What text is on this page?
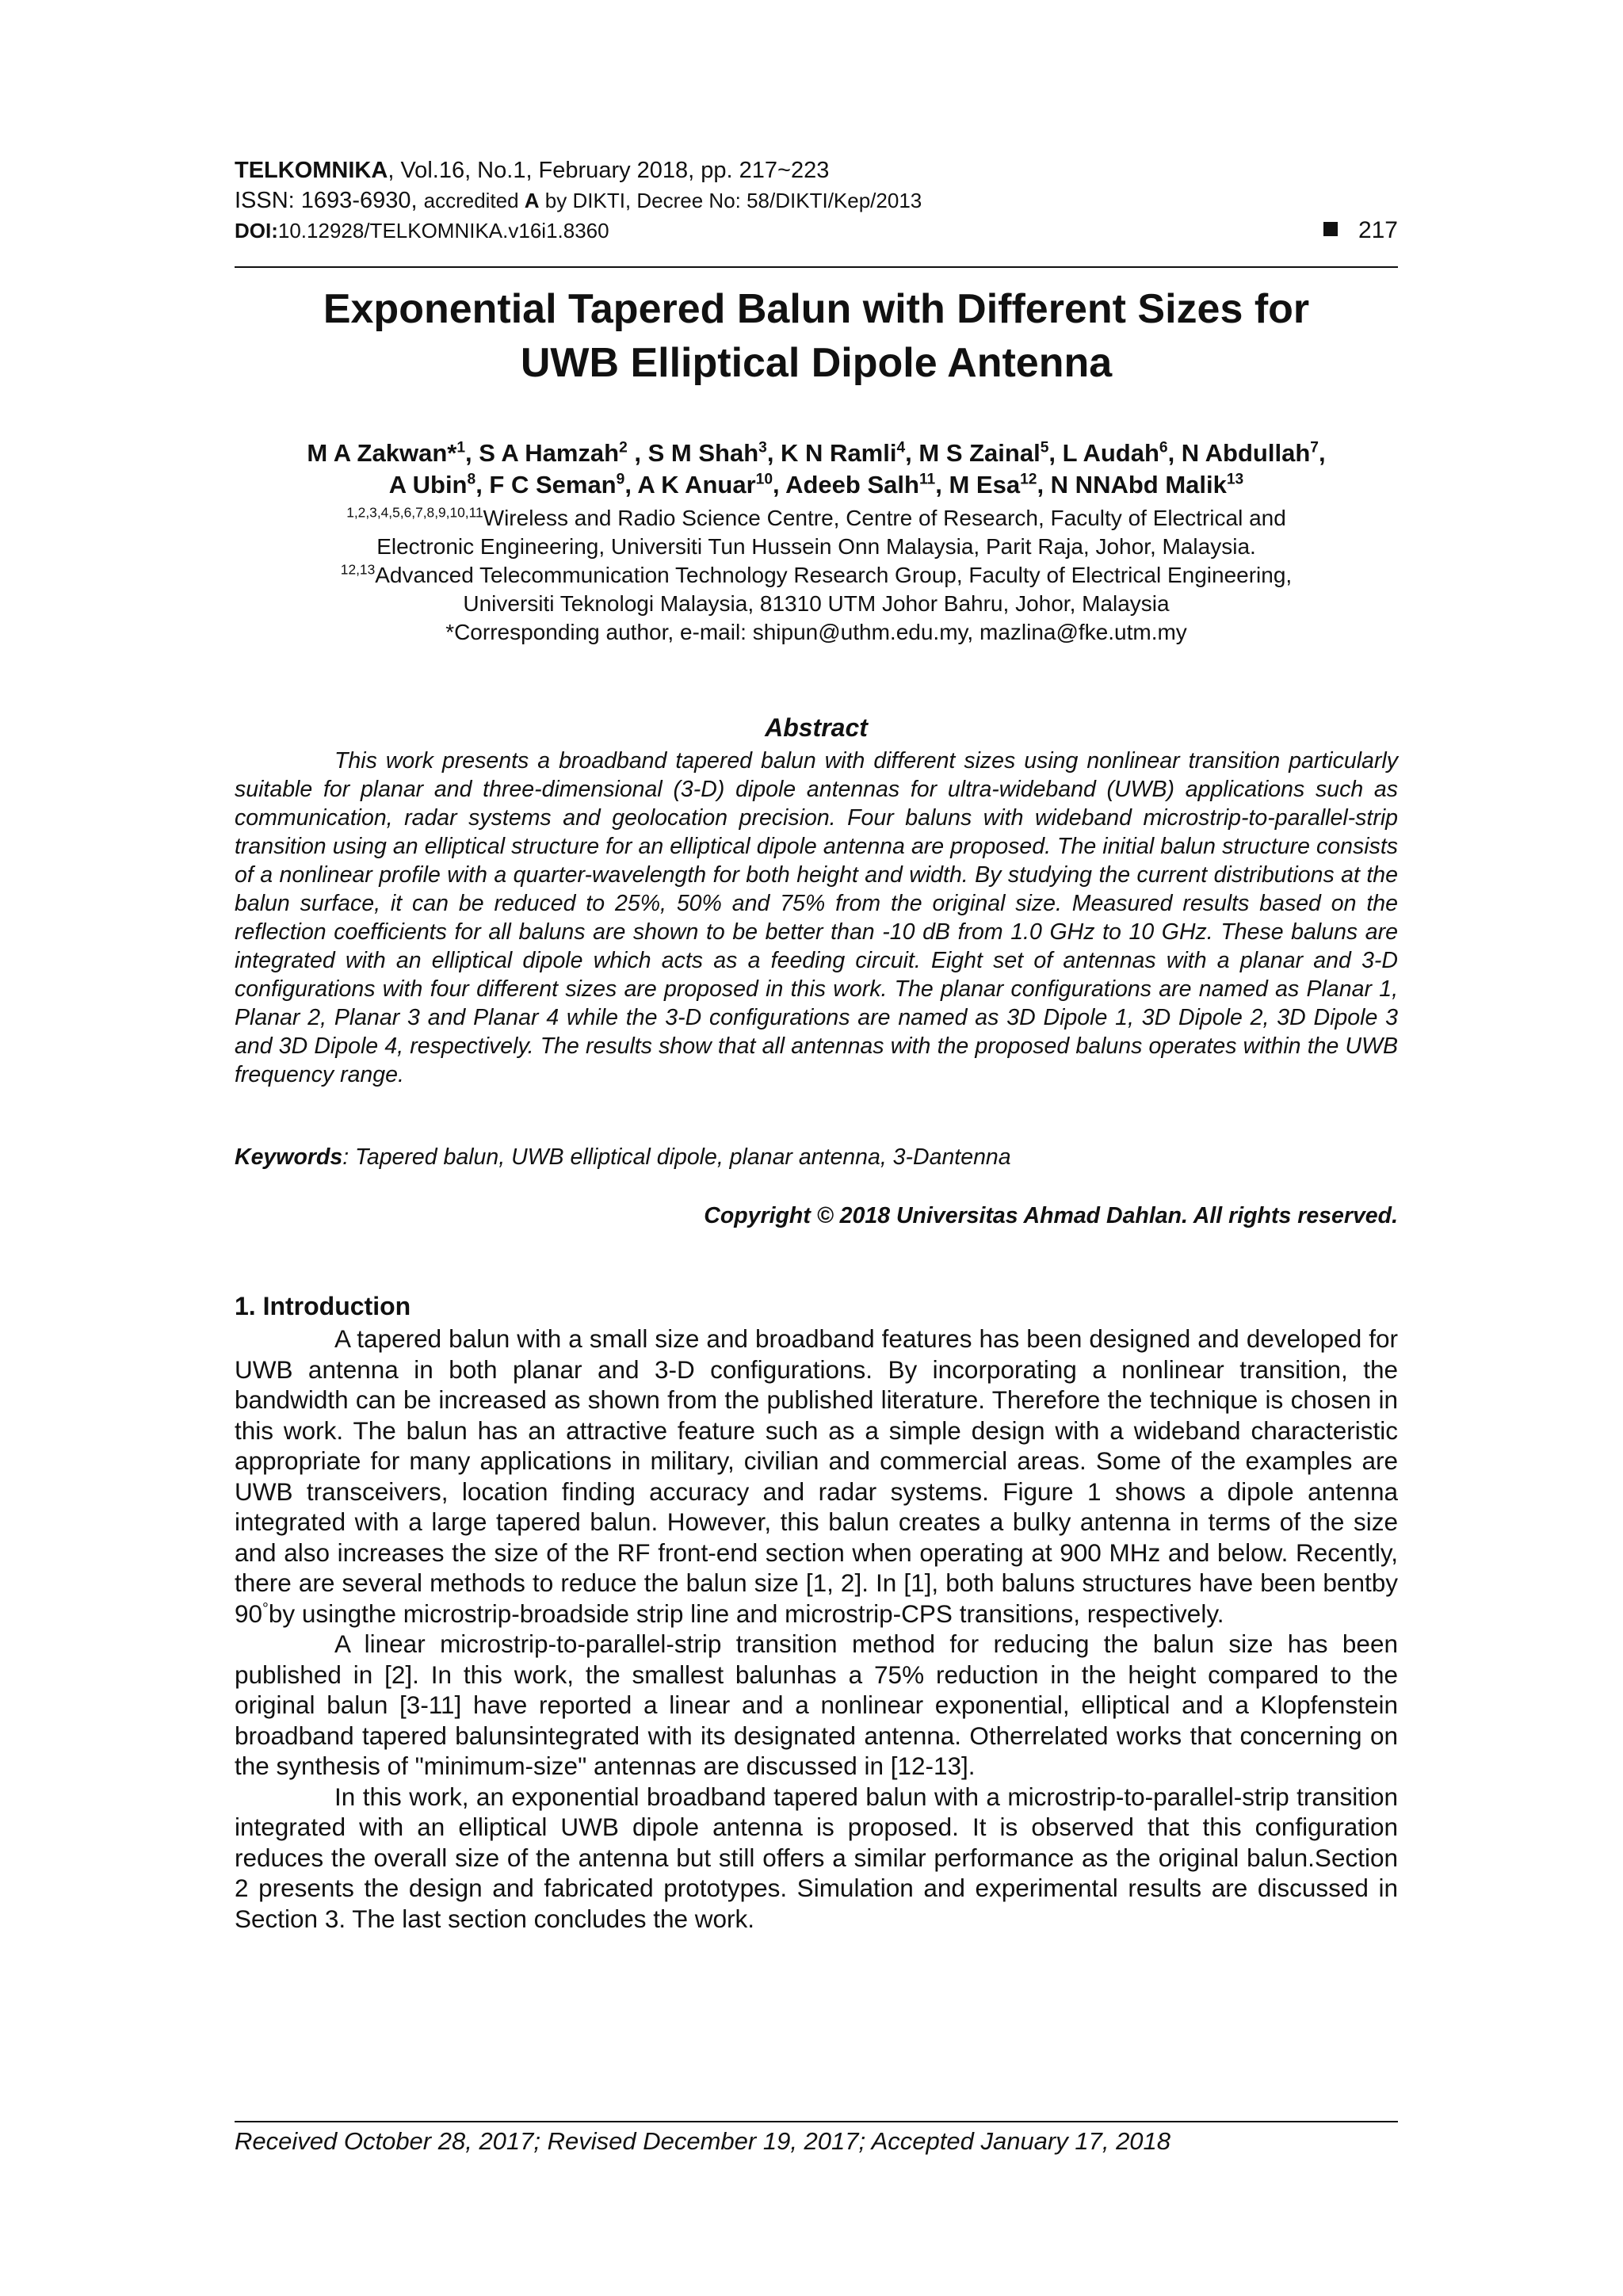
TELKOMNIKA, Vol.16, No.1, February 2018, pp. 217~223
ISSN: 1693-6930, accredited A by DIKTI, Decree No: 58/DIKTI/Kep/2013
DOI:10.12928/TELKOMNIKA.v16i1.8360	217
Exponential Tapered Balun with Different Sizes for
UWB Elliptical Dipole Antenna
M A Zakwan*$^1$, S A Hamzah$^2$ , S M Shah$^3$, K N Ramli$^4$, M S Zainal$^5$, L Audah$^6$, N Abdullah$^7$,
A Ubin$^8$, F C Seman$^9$, A K Anuar$^{10}$, Adeeb Salh$^{11}$, M Esa$^{12}$, N NNAbd Malik$^{13}$
$^{1,2,3,4,5,6,7,8,9,10,11}$Wireless and Radio Science Centre, Centre of Research, Faculty of Electrical and
Electronic Engineering, Universiti Tun Hussein Onn Malaysia, Parit Raja, Johor, Malaysia.
$^{12,13}$Advanced Telecommunication Technology Research Group, Faculty of Electrical Engineering,
Universiti Teknologi Malaysia, 81310 UTM Johor Bahru, Johor, Malaysia
*Corresponding author, e-mail: shipun@uthm.edu.my, mazlina@fke.utm.my
Abstract
This work presents a broadband tapered balun with different sizes using nonlinear transition particularly suitable for planar and three-dimensional (3-D) dipole antennas for ultra-wideband (UWB) applications such as communication, radar systems and geolocation precision. Four baluns with wideband microstrip-to-parallel-strip transition using an elliptical structure for an elliptical dipole antenna are proposed. The initial balun structure consists of a nonlinear profile with a quarter-wavelength for both height and width. By studying the current distributions at the balun surface, it can be reduced to 25%, 50% and 75% from the original size. Measured results based on the reflection coefficients for all baluns are shown to be better than -10 dB from 1.0 GHz to 10 GHz. These baluns are integrated with an elliptical dipole which acts as a feeding circuit. Eight set of antennas with a planar and 3-D configurations with four different sizes are proposed in this work. The planar configurations are named as Planar 1, Planar 2, Planar 3 and Planar 4 while the 3-D configurations are named as 3D Dipole 1, 3D Dipole 2, 3D Dipole 3 and 3D Dipole 4, respectively. The results show that all antennas with the proposed baluns operates within the UWB frequency range.
Keywords: Tapered balun, UWB elliptical dipole, planar antenna, 3-Dantenna
Copyright © 2018 Universitas Ahmad Dahlan. All rights reserved.
1. Introduction

A tapered balun with a small size and broadband features has been designed and developed for UWB antenna in both planar and 3-D configurations. By incorporating a nonlinear transition, the bandwidth can be increased as shown from the published literature. Therefore the technique is chosen in this work. The balun has an attractive feature such as a simple design with a wideband characteristic appropriate for many applications in military, civilian and commercial areas. Some of the examples are UWB transceivers, location finding accuracy and radar systems. Figure 1 shows a dipole antenna integrated with a large tapered balun. However, this balun creates a bulky antenna in terms of the size and also increases the size of the RF front-end section when operating at 900 MHz and below. Recently, there are several methods to reduce the balun size [1, 2]. In [1], both baluns structures have been bentby 90°by usingthe microstrip-broadside strip line and microstrip-CPS transitions, respectively.

A linear microstrip-to-parallel-strip transition method for reducing the balun size has been published in [2]. In this work, the smallest balunhas a 75% reduction in the height compared to the original balun [3-11] have reported a linear and a nonlinear exponential, elliptical and a Klopfenstein broadband tapered balunsintegrated with its designated antenna. Otherrelated works that concerning on the synthesis of "minimum-size" antennas are discussed in [12-13].

In this work, an exponential broadband tapered balun with a microstrip-to-parallel-strip transition integrated with an elliptical UWB dipole antenna is proposed. It is observed that this configuration reduces the overall size of the antenna but still offers a similar performance as the original balun.Section 2 presents the design and fabricated prototypes. Simulation and experimental results are discussed in Section 3. The last section concludes the work.

Received October 28, 2017; Revised December 19, 2017; Accepted January 17, 2018
